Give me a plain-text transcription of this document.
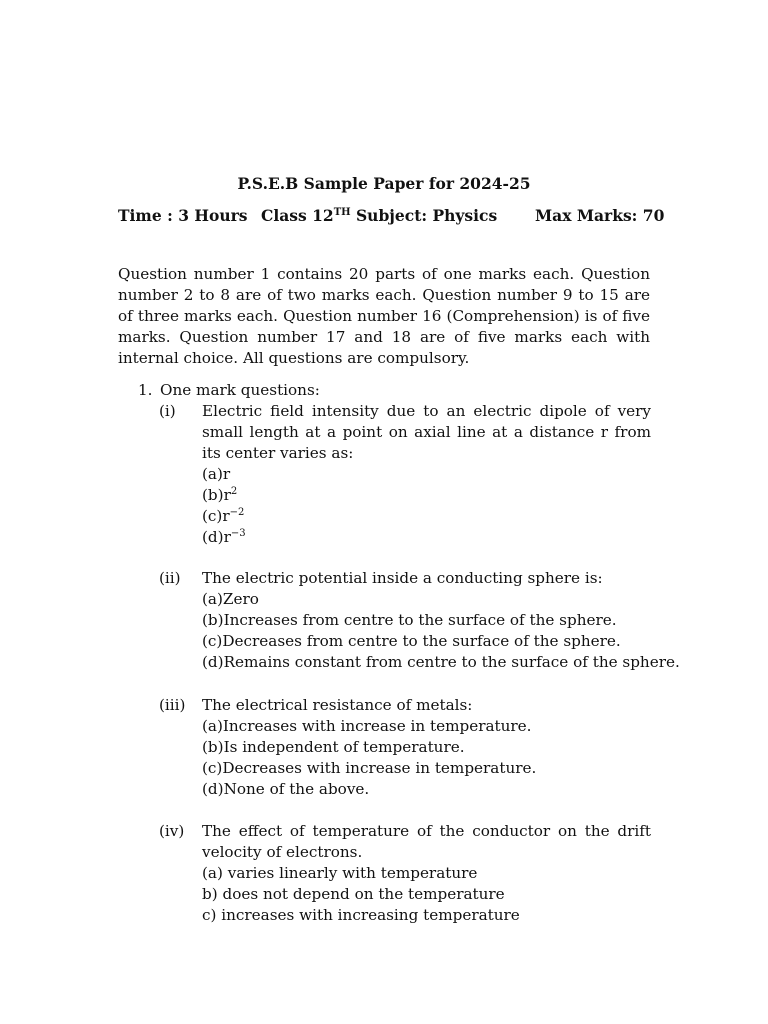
P.S.E.B Sample Paper for 2024-25
Time : 3 Hours Class 12TH Subject: Physics Max Marks: 70

Question number 1 contains 20 parts of one marks each. Question number 2 to 8 are of two marks each. Question number 9 to 15 are of three marks each. Question number 16 (Comprehension) is of five marks. Question number 17 and 18 are of five marks each with internal choice. All questions are compulsory.

1. One mark questions:
(i)	Electric field intensity due to an electric dipole of very small length at a point on axial line at a distance r from its center varies as:
(a)r
$(b)r^2$
$(c)r^{-2}$
$(d)r^{-3}$
(ii)	The electric potential inside a conducting sphere is:
(a)Zero
(b)Increases from centre to the surface of the sphere.
(c)Decreases from centre to the surface of the sphere.
(d)Remains constant from centre to the surface of the sphere.
(iii)	The electrical resistance of metals:
(a)Increases with increase in temperature.
(b)Is independent of temperature.
(c)Decreases with increase in temperature.
(d)None of the above.
(iv)	The effect of temperature of the conductor on the drift velocity of electrons.
(a) varies linearly with temperature
b) does not depend on the temperature
c) increases with increasing temperature
